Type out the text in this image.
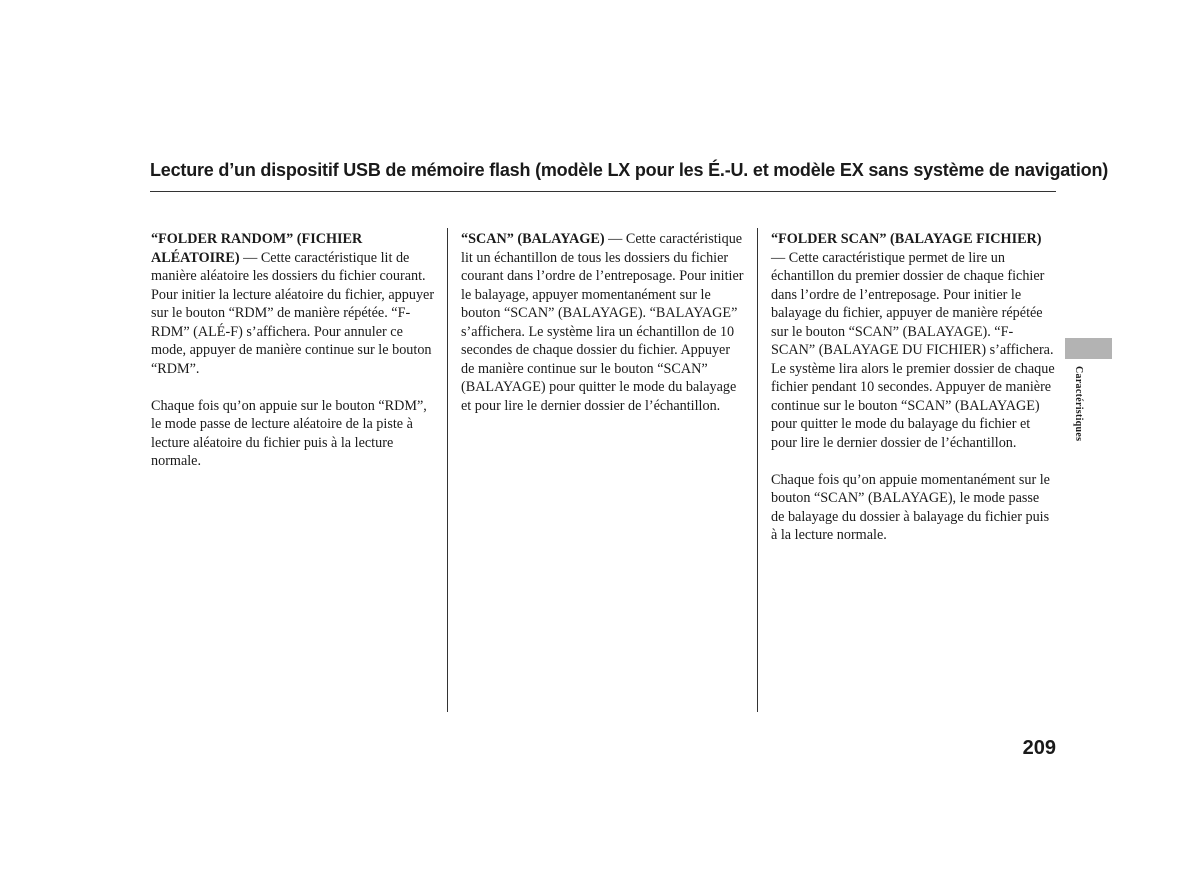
Lecture d’un dispositif USB de mémoire flash (modèle LX pour les É.-U. et modèle EX sans système de navigation)

“FOLDER RANDOM” (FICHIER ALÉATOIRE) — Cette caractéristique lit de manière aléatoire les dossiers du fichier courant. Pour initier la lecture aléatoire du fichier, appuyer sur le bouton “RDM” de manière répétée. “F-RDM” (ALÉ-F) s’affichera. Pour annuler ce mode, appuyer de manière continue sur le bouton “RDM”.

Chaque fois qu’on appuie sur le bouton “RDM”, le mode passe de lecture aléatoire de la piste à lecture aléatoire du fichier puis à la lecture normale.

“SCAN” (BALAYAGE) — Cette caractéristique lit un échantillon de tous les dossiers du fichier courant dans l’ordre de l’entreposage. Pour initier le balayage, appuyer momentanément sur le bouton “SCAN” (BALAYAGE). “BALAYAGE” s’affichera. Le système lira un échantillon de 10 secondes de chaque dossier du fichier. Appuyer de manière continue sur le bouton “SCAN” (BALAYAGE) pour quitter le mode du balayage et pour lire le dernier dossier de l’échantillon.

“FOLDER SCAN” (BALAYAGE FICHIER) — Cette caractéristique permet de lire un échantillon du premier dossier de chaque fichier dans l’ordre de l’entreposage. Pour initier le balayage du fichier, appuyer de manière répétée sur le bouton “SCAN” (BALAYAGE). “F-SCAN” (BALAYAGE DU FICHIER) s’affichera. Le système lira alors le premier dossier de chaque fichier pendant 10 secondes. Appuyer de manière continue sur le bouton “SCAN” (BALAYAGE) pour quitter le mode du balayage du fichier et pour lire le dernier dossier de l’échantillon.

Chaque fois qu’on appuie momentanément sur le bouton “SCAN” (BALAYAGE), le mode passe de balayage du dossier à balayage du fichier puis à la lecture normale.

Caractéristiques
209
